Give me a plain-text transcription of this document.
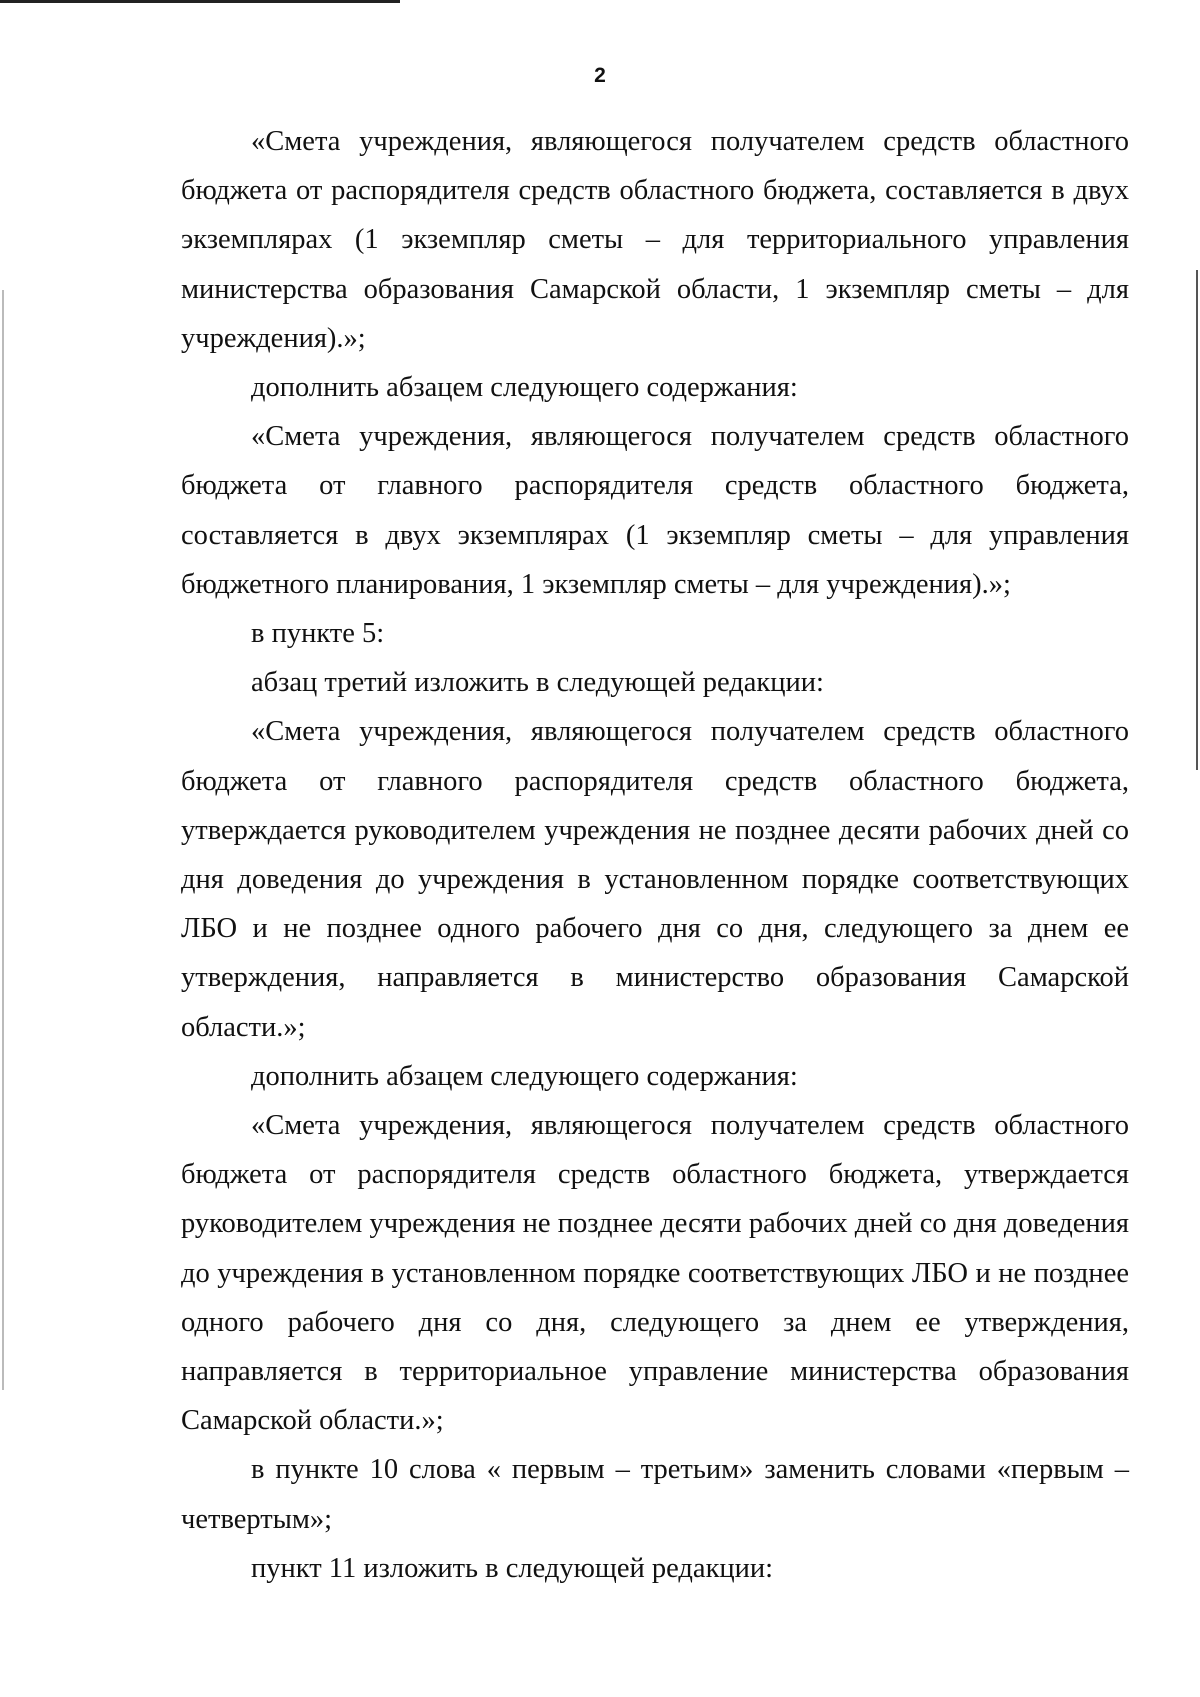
2

«Смета учреждения, являющегося получателем средств областного бюджета от распорядителя средств областного бюджета, составляется в двух экземплярах (1 экземпляр сметы – для территориального управления министерства образования Самарской области, 1 экземпляр сметы – для учреждения).»;

дополнить абзацем следующего содержания:

«Смета учреждения, являющегося получателем средств областного бюджета от главного распорядителя средств областного бюджета, составляется в двух экземплярах (1 экземпляр сметы – для управления бюджетного планирования, 1 экземпляр сметы – для учреждения).»;

в пункте 5:

абзац третий изложить в следующей редакции:

«Смета учреждения, являющегося получателем средств областного бюджета от главного распорядителя средств областного бюджета, утверждается руководителем учреждения не позднее десяти рабочих дней со дня доведения до учреждения в установленном порядке соответствующих ЛБО и не позднее одного рабочего дня со дня, следующего за днем ее утверждения, направляется в министерство образования Самарской области.»;

дополнить абзацем следующего содержания:

«Смета учреждения, являющегося получателем средств областного бюджета от распорядителя средств областного бюджета, утверждается руководителем учреждения не позднее десяти рабочих дней со дня доведения до учреждения в установленном порядке соответствующих ЛБО и не позднее одного рабочего дня со дня, следующего за днем ее утверждения, направляется в территориальное управление министерства образования Самарской области.»;

в пункте 10 слова « первым – третьим» заменить словами «первым – четвертым»;

пункт 11 изложить в следующей редакции:
